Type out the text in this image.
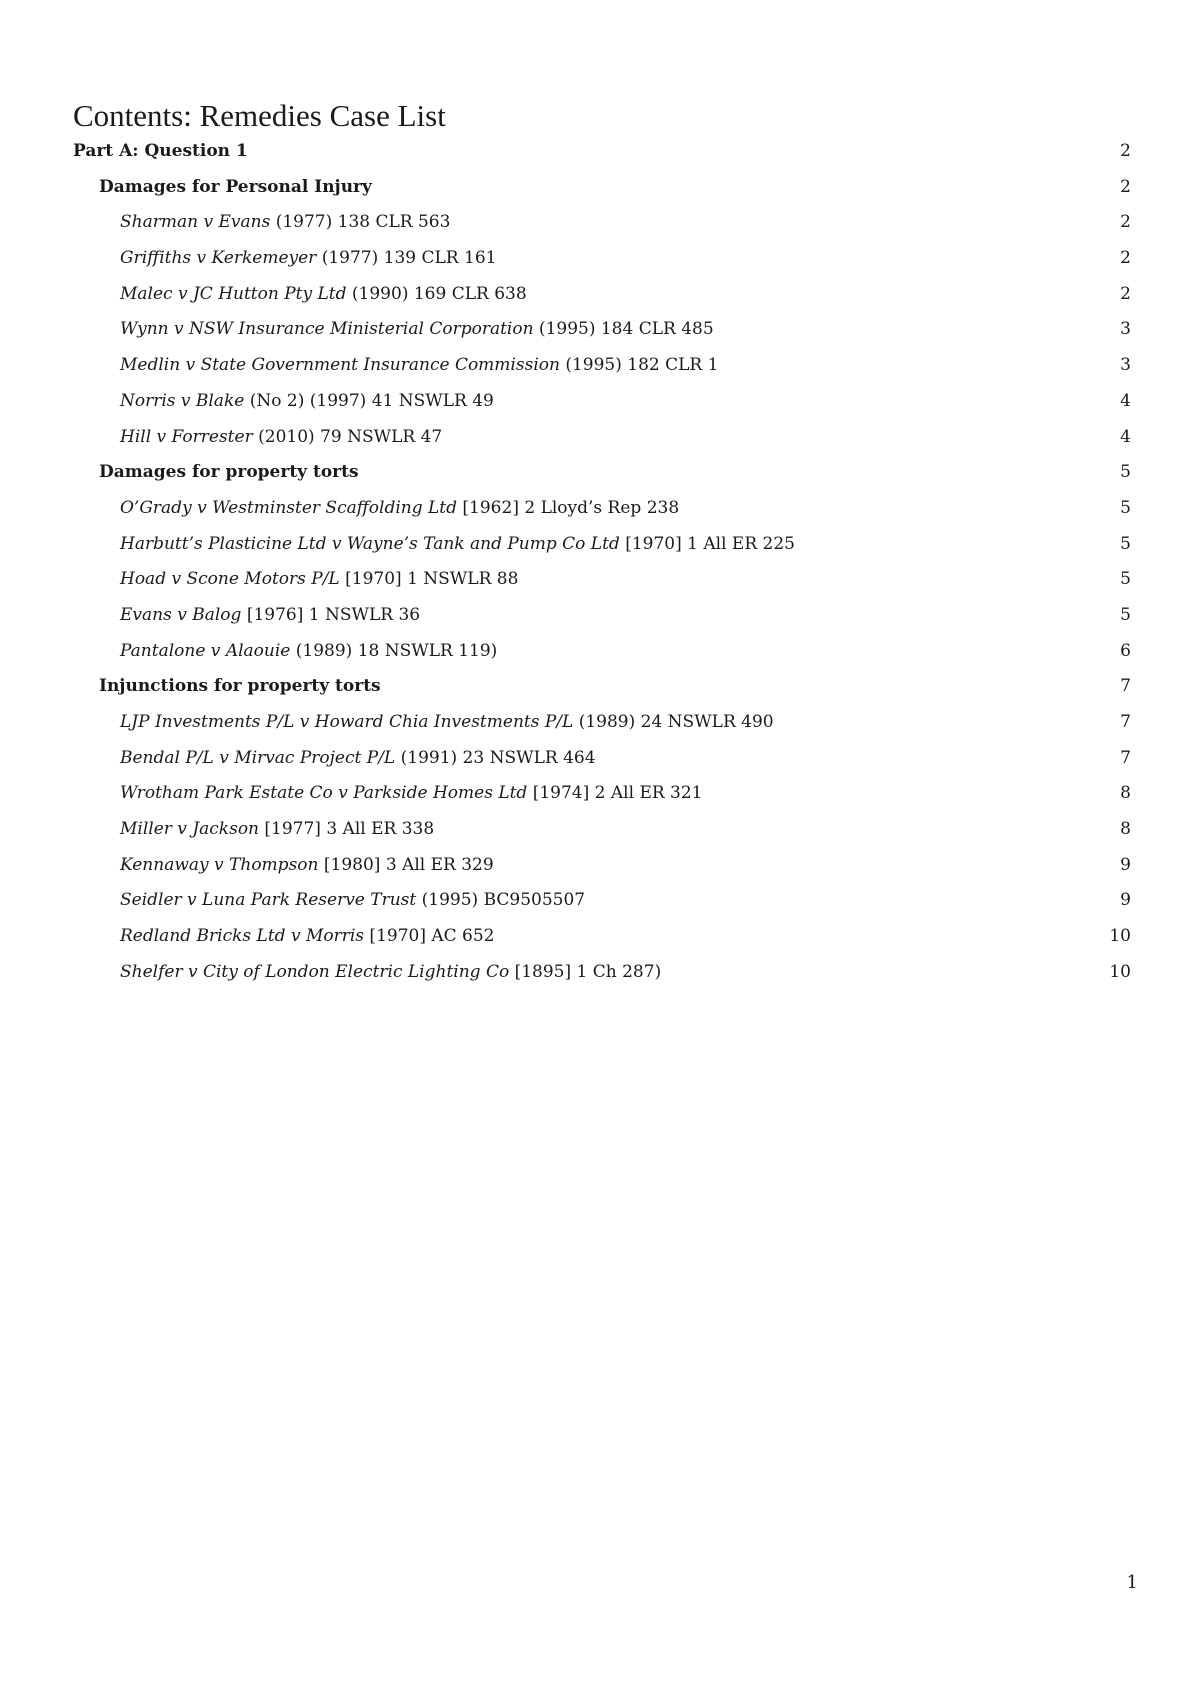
Contents: Remedies Case List
Part A: Question 1	2
Damages for Personal Injury	2
Sharman v Evans (1977) 138 CLR 563	2
Griffiths v Kerkemeyer (1977) 139 CLR 161	2
Malec v JC Hutton Pty Ltd (1990) 169 CLR 638	2
Wynn v NSW Insurance Ministerial Corporation (1995) 184 CLR 485	3
Medlin v State Government Insurance Commission (1995) 182 CLR 1	3
Norris v Blake (No 2) (1997) 41 NSWLR 49	4
Hill v Forrester (2010) 79 NSWLR 47	4
Damages for property torts	5
O’Grady v Westminster Scaffolding Ltd [1962] 2 Lloyd’s Rep 238	5
Harbutt’s Plasticine Ltd v Wayne’s Tank and Pump Co Ltd [1970] 1 All ER 225	5
Hoad v Scone Motors P/L [1970] 1 NSWLR 88	5
Evans v Balog [1976] 1 NSWLR 36	5
Pantalone v Alaouie (1989) 18 NSWLR 119)	6
Injunctions for property torts	7
LJP Investments P/L v Howard Chia Investments P/L (1989) 24 NSWLR 490	7
Bendal P/L v Mirvac Project P/L (1991) 23 NSWLR 464	7
Wrotham Park Estate Co v Parkside Homes Ltd [1974] 2 All ER 321	8
Miller v Jackson [1977] 3 All ER 338	8
Kennaway v Thompson [1980] 3 All ER 329	9
Seidler v Luna Park Reserve Trust (1995) BC9505507	9
Redland Bricks Ltd v Morris [1970] AC 652	10
Shelfer v City of London Electric Lighting Co [1895] 1 Ch 287)	10
1
